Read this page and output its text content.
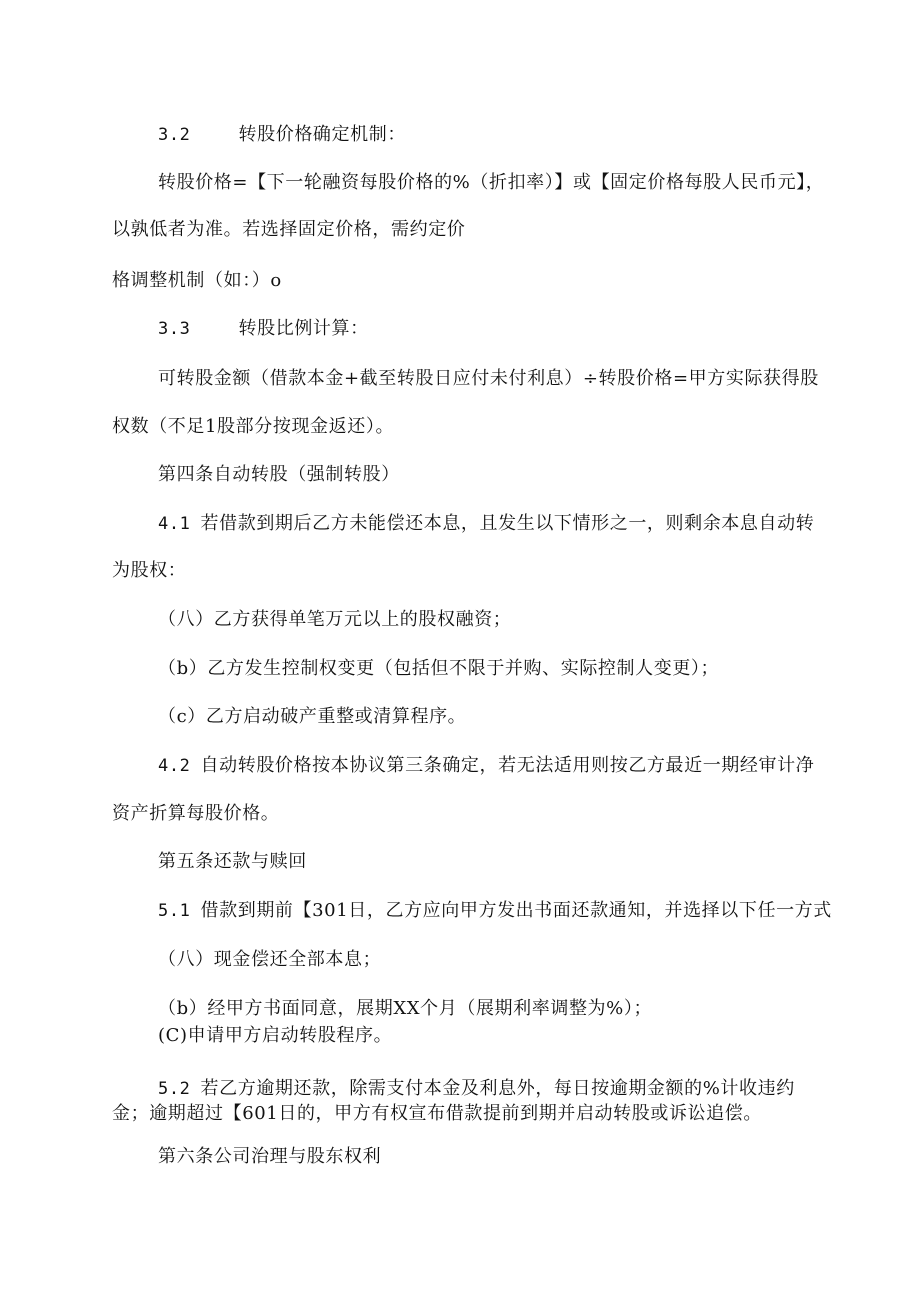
3.2	转股价格确定机制：
转股价格=【下一轮融资每股价格的%（折扣率）】或【固定价格每股人民币元】，
以孰低者为准。若选择固定价格，需约定价
格调整机制（如：）o
3.3	转股比例计算：
可转股金额（借款本金+截至转股日应付未付利息）÷转股价格=甲方实际获得股
权数（不足1股部分按现金返还）。
第四条自动转股（强制转股）
4.1 若借款到期后乙方未能偿还本息，且发生以下情形之一，则剩余本息自动转
为股权：
（八）乙方获得单笔万元以上的股权融资；
（b）乙方发生控制权变更（包括但不限于并购、实际控制人变更）；
（c）乙方启动破产重整或清算程序。
4.2 自动转股价格按本协议第三条确定，若无法适用则按乙方最近一期经审计净
资产折算每股价格。
第五条还款与赎回
5.1 借款到期前【301日，乙方应向甲方发出书面还款通知，并选择以下任一方式
（八）现金偿还全部本息；
（b）经甲方书面同意，展期XX个月（展期利率调整为%）；
(C)申请甲方启动转股程序。
5.2 若乙方逾期还款，除需支付本金及利息外，每日按逾期金额的%计收违约
金；逾期超过【601日的，甲方有权宣布借款提前到期并启动转股或诉讼追偿。
第六条公司治理与股东权利
